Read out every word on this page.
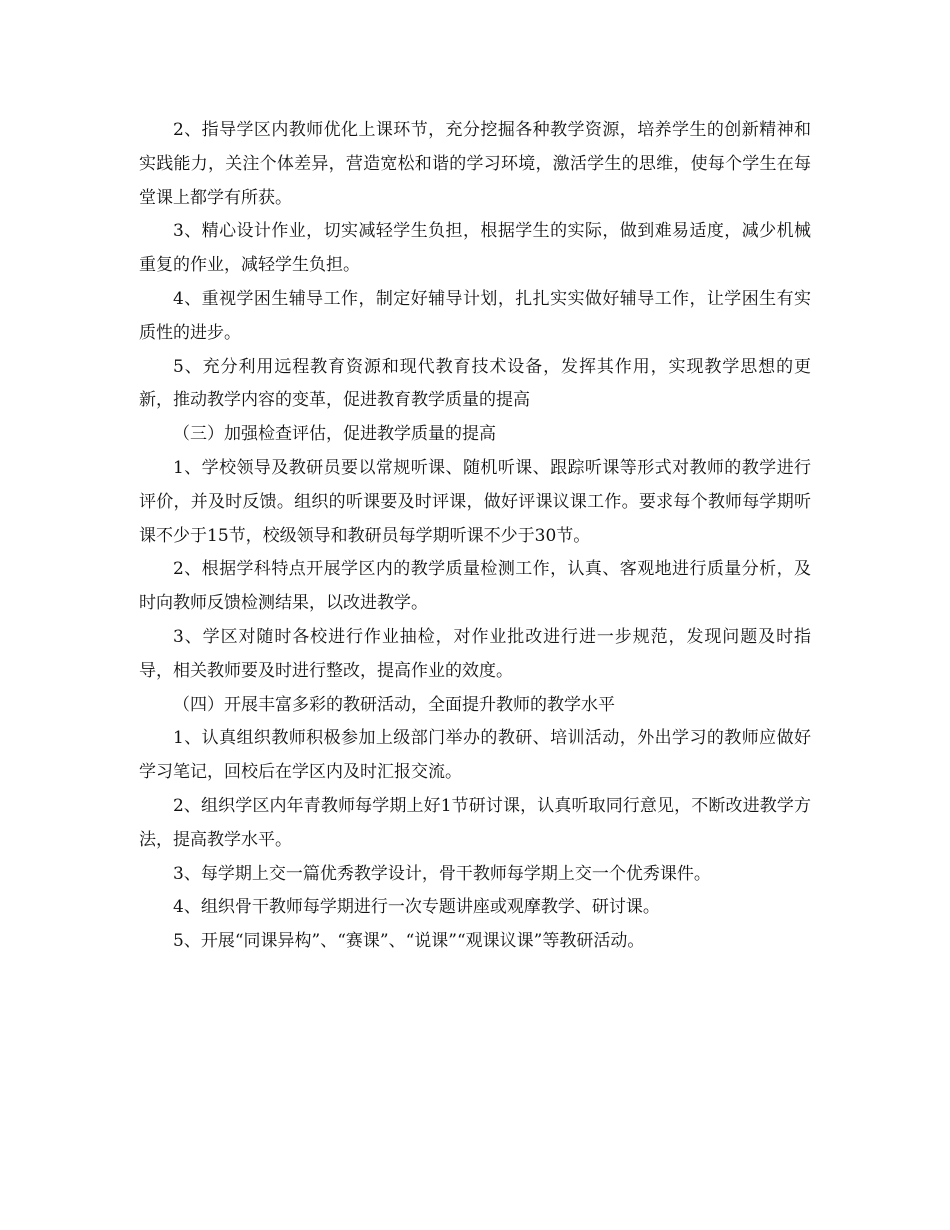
2、指导学区内教师优化上课环节，充分挖掘各种教学资源，培养学生的创新精神和实践能力，关注个体差异，营造宽松和谐的学习环境，激活学生的思维，使每个学生在每堂课上都学有所获。

3、精心设计作业，切实减轻学生负担，根据学生的实际，做到难易适度，减少机械重复的作业，减轻学生负担。

4、重视学困生辅导工作，制定好辅导计划，扎扎实实做好辅导工作，让学困生有实质性的进步。

5、充分利用远程教育资源和现代教育技术设备，发挥其作用，实现教学思想的更新，推动教学内容的变革，促进教育教学质量的提高

（三）加强检查评估，促进教学质量的提高

1、学校领导及教研员要以常规听课、随机听课、跟踪听课等形式对教师的教学进行评价，并及时反馈。组织的听课要及时评课，做好评课议课工作。要求每个教师每学期听课不少于15节，校级领导和教研员每学期听课不少于30节。

2、根据学科特点开展学区内的教学质量检测工作，认真、客观地进行质量分析，及时向教师反馈检测结果，以改进教学。

3、学区对随时各校进行作业抽检，对作业批改进行进一步规范，发现问题及时指导，相关教师要及时进行整改，提高作业的效度。

（四）开展丰富多彩的教研活动，全面提升教师的教学水平

1、认真组织教师积极参加上级部门举办的教研、培训活动，外出学习的教师应做好学习笔记，回校后在学区内及时汇报交流。

2、组织学区内年青教师每学期上好1节研讨课，认真听取同行意见，不断改进教学方法，提高教学水平。

3、每学期上交一篇优秀教学设计，骨干教师每学期上交一个优秀课件。

4、组织骨干教师每学期进行一次专题讲座或观摩教学、研讨课。

5、开展“同课异构”、“赛课”、“说课”“观课议课”等教研活动。
